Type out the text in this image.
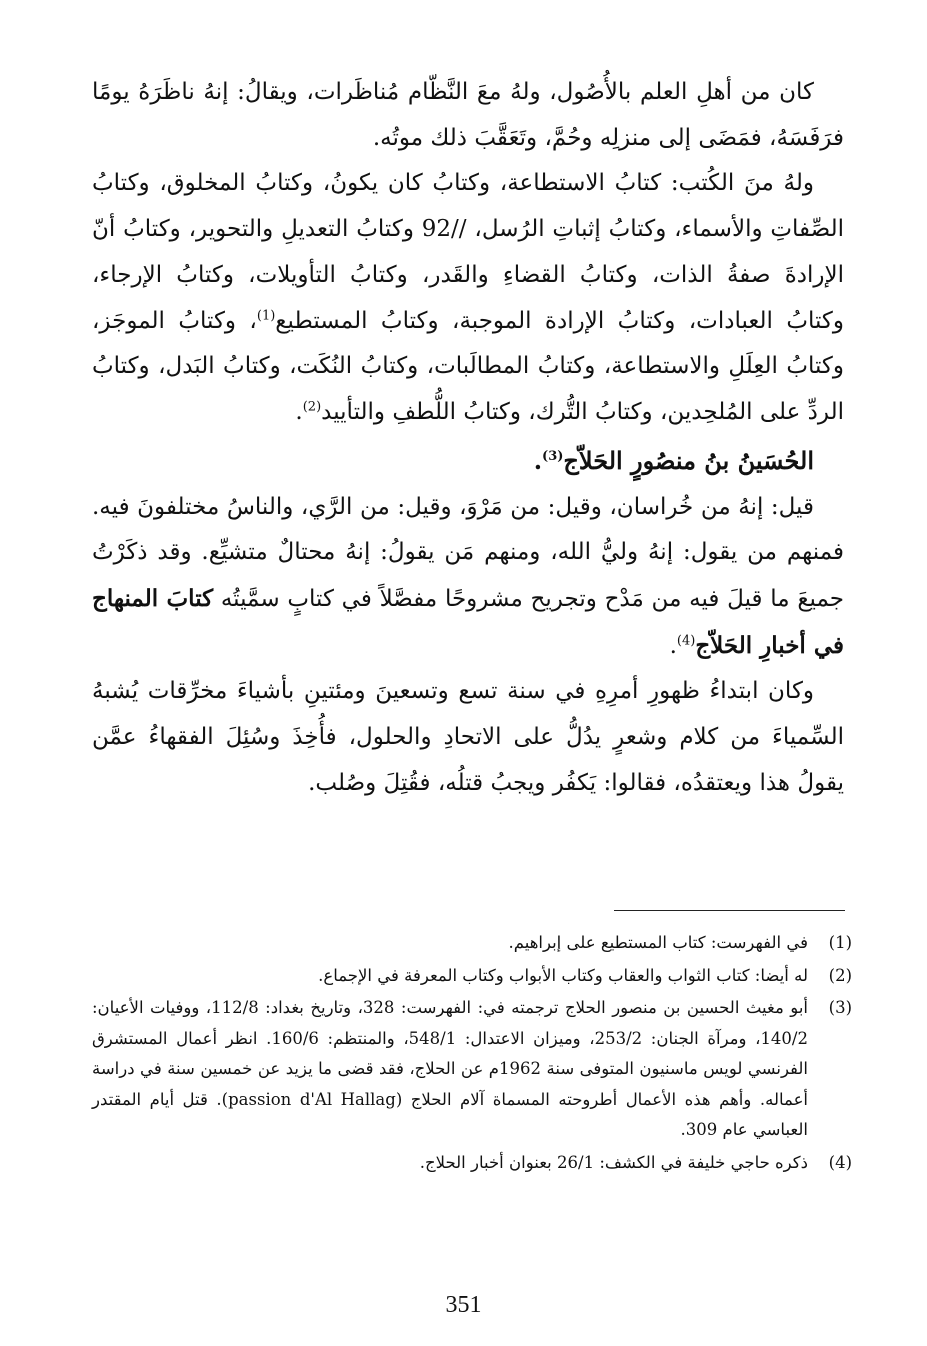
كان من أهلِ العلم بالأُصُول، ولهُ معَ النَّظّام مُناظَرات، ويقالُ: إنهُ ناظَرَهُ يومًا فرَفَسَهُ، فمَضَى إلى منزلِه وحُمَّ، وتَعَقَّبَ ذلك موتُه.

ولهُ منَ الكُتب: كتابُ الاستطاعة، وكتابُ كان يكونُ، وكتابُ المخلوق، وكتابُ الصِّفاتِ والأسماء، وكتابُ إثباتِ الرُسل، 92// وكتابُ التعديلِ والتحوير، وكتابُ أنّ الإرادةَ صفةُ الذات، وكتابُ القضاءِ والقَدر، وكتابُ التأويلات، وكتابُ الإرجاء، وكتابُ العبادات، وكتابُ الإرادة الموجبة، وكتابُ المستطيع$^{(1)}$، وكتابُ الموجَز، وكتابُ العِلَلِ والاستطاعة، وكتابُ المطالَبات، وكتابُ النُكَت، وكتابُ البَدل، وكتابُ الردِّ على المُلحِدين، وكتابُ التُّرك، وكتابُ اللُّطفِ والتأييد$^{(2)}$.

الحُسَينُ بنُ منصُورٍ الحَلاّج$^{(3)}$.

قيل: إنهُ من خُراسان، وقيل: من مَرْوَ، وقيل: من الرَّي، والناسُ مختلفونَ فيه. فمنهم من يقول: إنهُ وليُّ الله، ومنهم مَن يقولُ: إنهُ محتالٌ متشيِّع. وقد ذكَرْتُ جميعَ ما قيلَ فيه من مَدْح وتجريح مشروحًا مفصَّلاً في كتابٍ سمَّيتُه كتابَ المنهاج في أخبارِ الحَلاّج$^{(4)}$.

وكان ابتداءُ ظهورِ أمرِهِ في سنة تسع وتسعينَ ومئتينِ بأشياءَ مخرِّقات يُشبهُ السِّمياءَ من كلام وشعرٍ يدُلُّ على الاتحادِ والحلول، فأُخِذَ وسُئِلَ الفقهاءُ عمَّن يقولُ هذا ويعتقدُه، فقالوا: يَكفُر ويجبُ قتلُه، فقُتِلَ وصُلب.

(1)
في الفهرست: كتاب المستطيع على إبراهيم.
(2)
له أيضا: كتاب الثواب والعقاب وكتاب الأبواب وكتاب المعرفة في الإجماع.
(3)
أبو مغيث الحسين بن منصور الحلاج ترجمته في: الفهرست: 328، وتاريخ بغداد: 112/8، ووفيات الأعيان: 140/2، ومرآة الجنان: 253/2، وميزان الاعتدال: 548/1، والمنتظم: 160/6. انظر أعمال المستشرق الفرنسي لويس ماسنيون المتوفى سنة 1962م عن الحلاج، فقد قضى ما يزيد عن خمسين سنة في دراسة أعماله. وأهم هذه الأعمال أطروحته المسماة آلام الحلاج (passion d'Al Hallag). قتل أيام المقتدر العباسي عام 309.
(4)
ذكره حاجي خليفة في الكشف: 26/1 بعنوان أخبار الحلاج.
351
